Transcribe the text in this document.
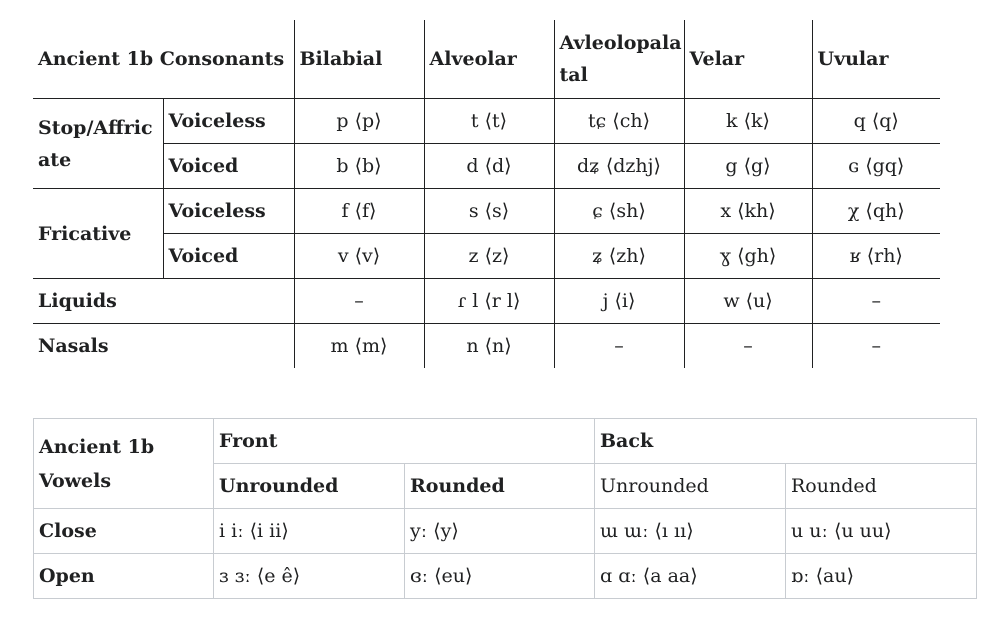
Ancient 1b Consonants		Bilabial	Alveolar	Avleolopalatal	Velar	Uvular
Stop/Affricate	Voiceless	p ⟨p⟩	t ⟨t⟩	tɕ ⟨ch⟩	k ⟨k⟩	q ⟨q⟩
	Voiced	b ⟨b⟩	d ⟨d⟩	dʑ ⟨dzhj⟩	g ⟨g⟩	ɢ ⟨gq⟩
Fricative	Voiceless	f ⟨f⟩	s ⟨s⟩	ɕ ⟨sh⟩	x ⟨kh⟩	χ ⟨qh⟩
	Voiced	v ⟨v⟩	z ⟨z⟩	ʑ ⟨zh⟩	ɣ ⟨gh⟩	ʁ ⟨rh⟩
Liquids		–	ɾ l ⟨r l⟩	j ⟨i⟩	w ⟨u⟩	–
Nasals		m ⟨m⟩	n ⟨n⟩	–	–	–
Ancient 1b Vowels	Front		Back	
	Unrounded	Rounded	Unrounded	Rounded
Close	i iː ⟨i ii⟩	yː ⟨y⟩	ɯ ɯː ⟨ı ıı⟩	u uː ⟨u uu⟩
Open	ɜ ɜː ⟨e ê⟩	ɞː ⟨eu⟩	ɑ ɑː ⟨a aa⟩	ɒː ⟨au⟩
